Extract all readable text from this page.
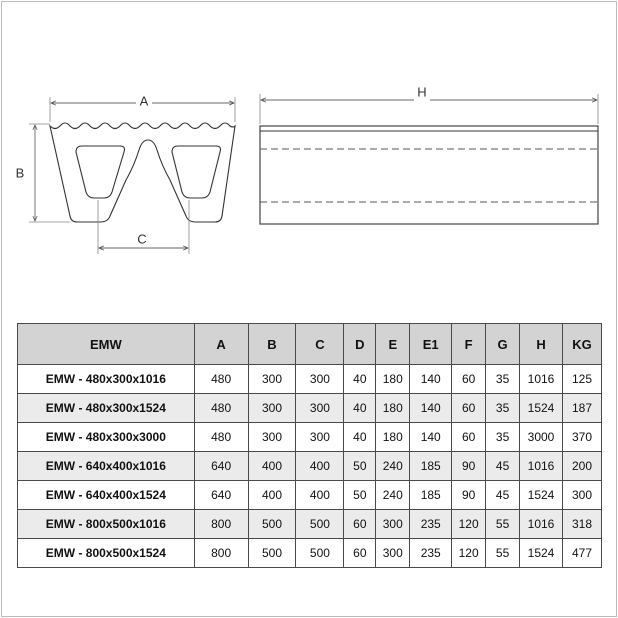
A
B
C
H
EMW	A	B	C	D	E	E1	F	G	H	KG
EMW - 480x300x1016	480	300	300	40	180	140	60	35	1016	125
EMW - 480x300x1524	480	300	300	40	180	140	60	35	1524	187
EMW - 480x300x3000	480	300	300	40	180	140	60	35	3000	370
EMW - 640x400x1016	640	400	400	50	240	185	90	45	1016	200
EMW - 640x400x1524	640	400	400	50	240	185	90	45	1524	300
EMW - 800x500x1016	800	500	500	60	300	235	120	55	1016	318
EMW - 800x500x1524	800	500	500	60	300	235	120	55	1524	477
